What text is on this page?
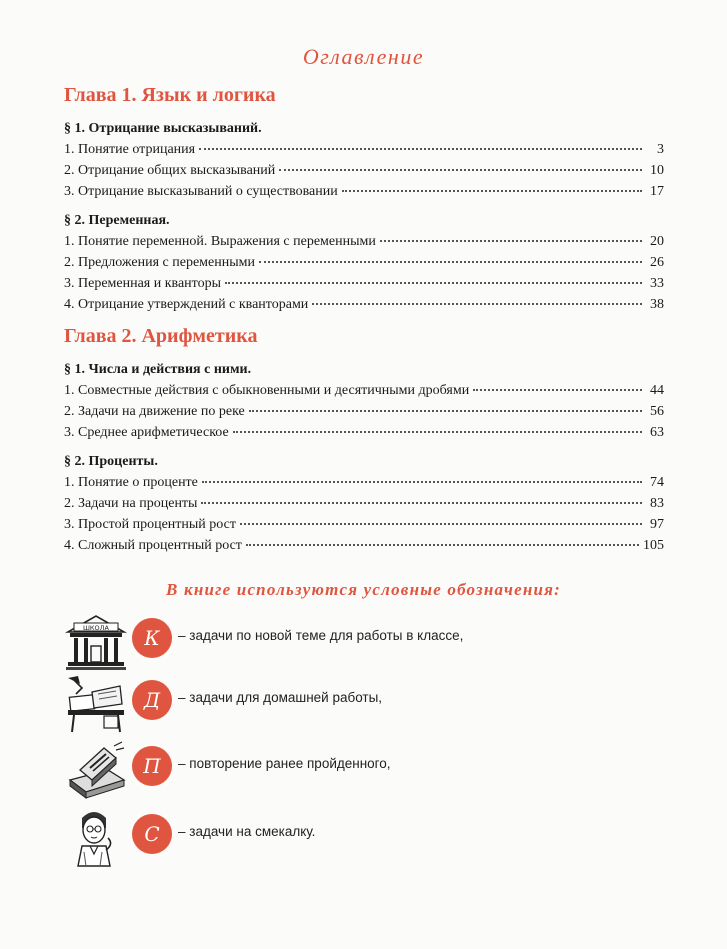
Оглавление
Глава 1. Язык и логика
§ 1. Отрицание высказываний.
1. Понятие отрицания	3
2. Отрицание общих высказываний	10
3. Отрицание высказываний о существовании	17
§ 2. Переменная.
1. Понятие переменной. Выражения с переменными	20
2. Предложения с переменными	26
3. Переменная и кванторы	33
4. Отрицание утверждений с кванторами	38
Глава 2. Арифметика
§ 1. Числа и действия с ними.
1. Совместные действия с обыкновенными и десятичными дробями	44
2. Задачи на движение по реке	56
3. Среднее арифметическое	63
§ 2. Проценты.
1. Понятие о проценте	74
2. Задачи на проценты	83
3. Простой процентный рост	97
4. Сложный процентный рост	105
В книге используются условные обозначения:
ШКОЛА	К	– задачи по новой теме для работы в классе,
Д	– задачи для домашней работы,
П	– повторение ранее пройденного,
С	– задачи на смекалку.
